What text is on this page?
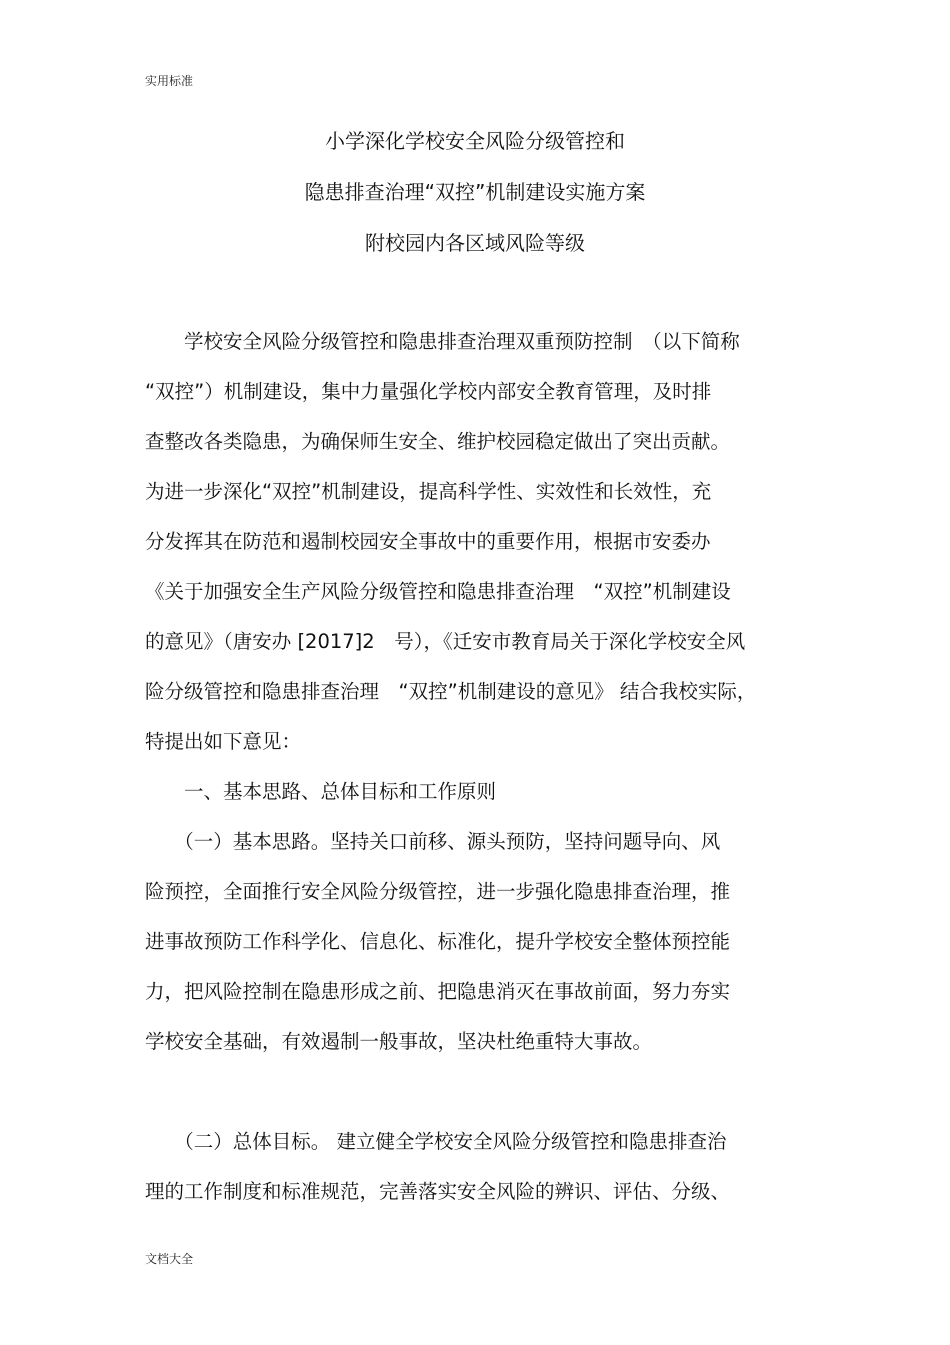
实用标准
小学深化学校安全风险分级管控和
隐患排查治理“双控”机制建设实施方案
附校园内各区域风险等级
　　学校安全风险分级管控和隐患排查治理双重预防控制　（以下简称
“双控”）机制建设，集中力量强化学校内部安全教育管理，及时排
查整改各类隐患，为确保师生安全、维护校园稳定做出了突出贡献。
为进一步深化“双控”机制建设，提高科学性、实效性和长效性，充
分发挥其在防范和遏制校园安全事故中的重要作用，根据市安委办
《关于加强安全生产风险分级管控和隐患排查治理　“双控”机制建设
的意见》（唐安办 [2017]2　号），《迁安市教育局关于深化学校安全风
险分级管控和隐患排查治理　“双控”机制建设的意见》 结合我校实际，
特提出如下意见：
　　一、基本思路、总体目标和工作原则
　　（一）基本思路。坚持关口前移、源头预防，坚持问题导向、风
险预控，全面推行安全风险分级管控，进一步强化隐患排查治理，推
进事故预防工作科学化、信息化、标准化，提升学校安全整体预控能
力，把风险控制在隐患形成之前、把隐患消灭在事故前面，努力夯实
学校安全基础，有效遏制一般事故，坚决杜绝重特大事故。
　　（二）总体目标。 建立健全学校安全风险分级管控和隐患排查治
理的工作制度和标准规范，完善落实安全风险的辨识、评估、分级、
文档大全
